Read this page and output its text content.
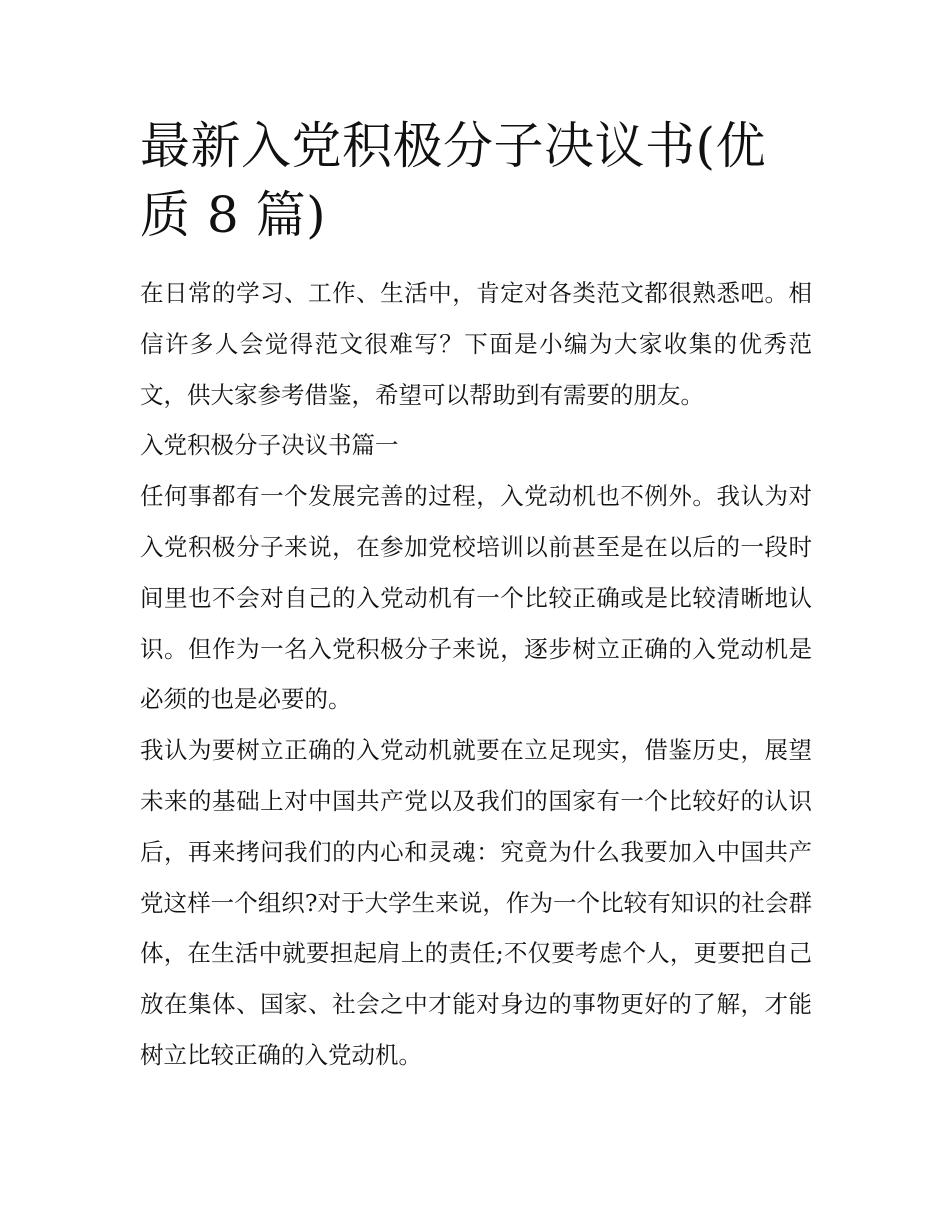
最新入党积极分子决议书(优质 8 篇)

在日常的学习、工作、生活中，肯定对各类范文都很熟悉吧。相信许多人会觉得范文很难写？下面是小编为大家收集的优秀范文，供大家参考借鉴，希望可以帮助到有需要的朋友。

入党积极分子决议书篇一

任何事都有一个发展完善的过程，入党动机也不例外。我认为对入党积极分子来说，在参加党校培训以前甚至是在以后的一段时间里也不会对自己的入党动机有一个比较正确或是比较清晰地认识。但作为一名入党积极分子来说，逐步树立正确的入党动机是必须的也是必要的。

我认为要树立正确的入党动机就要在立足现实，借鉴历史，展望未来的基础上对中国共产党以及我们的国家有一个比较好的认识后，再来拷问我们的内心和灵魂：究竟为什么我要加入中国共产党这样一个组织?对于大学生来说，作为一个比较有知识的社会群体，在生活中就要担起肩上的责任;不仅要考虑个人，更要把自己放在集体、国家、社会之中才能对身边的事物更好的了解，才能树立比较正确的入党动机。
